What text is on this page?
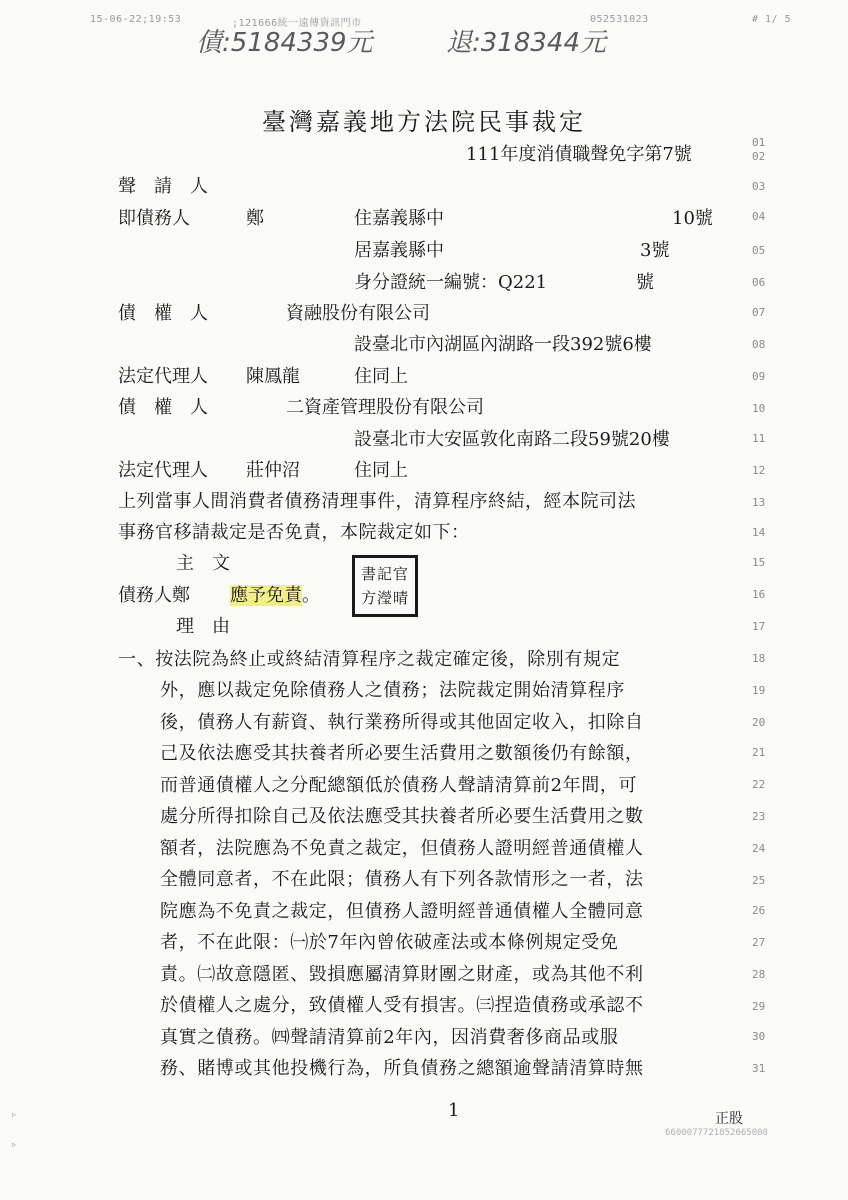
15-06-22;19:53	;121666統一遠傳資訊門市	052531023	# 1/ 5
債:5184339元	退:318344元
臺灣嘉義地方法院民事裁定
01
111年度消債職聲免字第7號	02
聲　請　人	03
即債務人	鄭	住嘉義縣中	10號	04
居嘉義縣中	3號	05
身分證統一編號：Q221	號	06
債　權　人	資融股份有限公司	07
設臺北市內湖區內湖路一段392號6樓	08
法定代理人 陳鳳龍	住同上	09
債　權　人	二資產管理股份有限公司	10
設臺北市大安區敦化南路二段59號20樓	11
法定代理人 莊仲沼	住同上	12
上列當事人間消費者債務清理事件，清算程序終結，經本院司法	13
事務官移請裁定是否免責，本院裁定如下：	14
主　文	15
債務人鄭 應予免責。	16
書記官
方瀅晴
理　由	17
一、按法院為終止或終結清算程序之裁定確定後，除別有規定	18
外，應以裁定免除債務人之債務；法院裁定開始清算程序	19
後，債務人有薪資、執行業務所得或其他固定收入，扣除自	20
己及依法應受其扶養者所必要生活費用之數額後仍有餘額，	21
而普通債權人之分配總額低於債務人聲請清算前2年間，可	22
處分所得扣除自己及依法應受其扶養者所必要生活費用之數	23
額者，法院應為不免責之裁定，但債務人證明經普通債權人	24
全體同意者，不在此限；債務人有下列各款情形之一者，法	25
院應為不免責之裁定，但債務人證明經普通債權人全體同意	26
者，不在此限：㈠於7年內曾依破產法或本條例規定受免	27
責。㈡故意隱匿、毀損應屬清算財團之財產，或為其他不利	28
於債權人之處分，致債權人受有損害。㈢捏造債務或承認不	29
真實之債務。㈣聲請清算前2年內，因消費奢侈商品或服	30
務、賭博或其他投機行為，所負債務之總額逾聲請清算時無	31
▹
▹
1	正股
6600077721852665008
